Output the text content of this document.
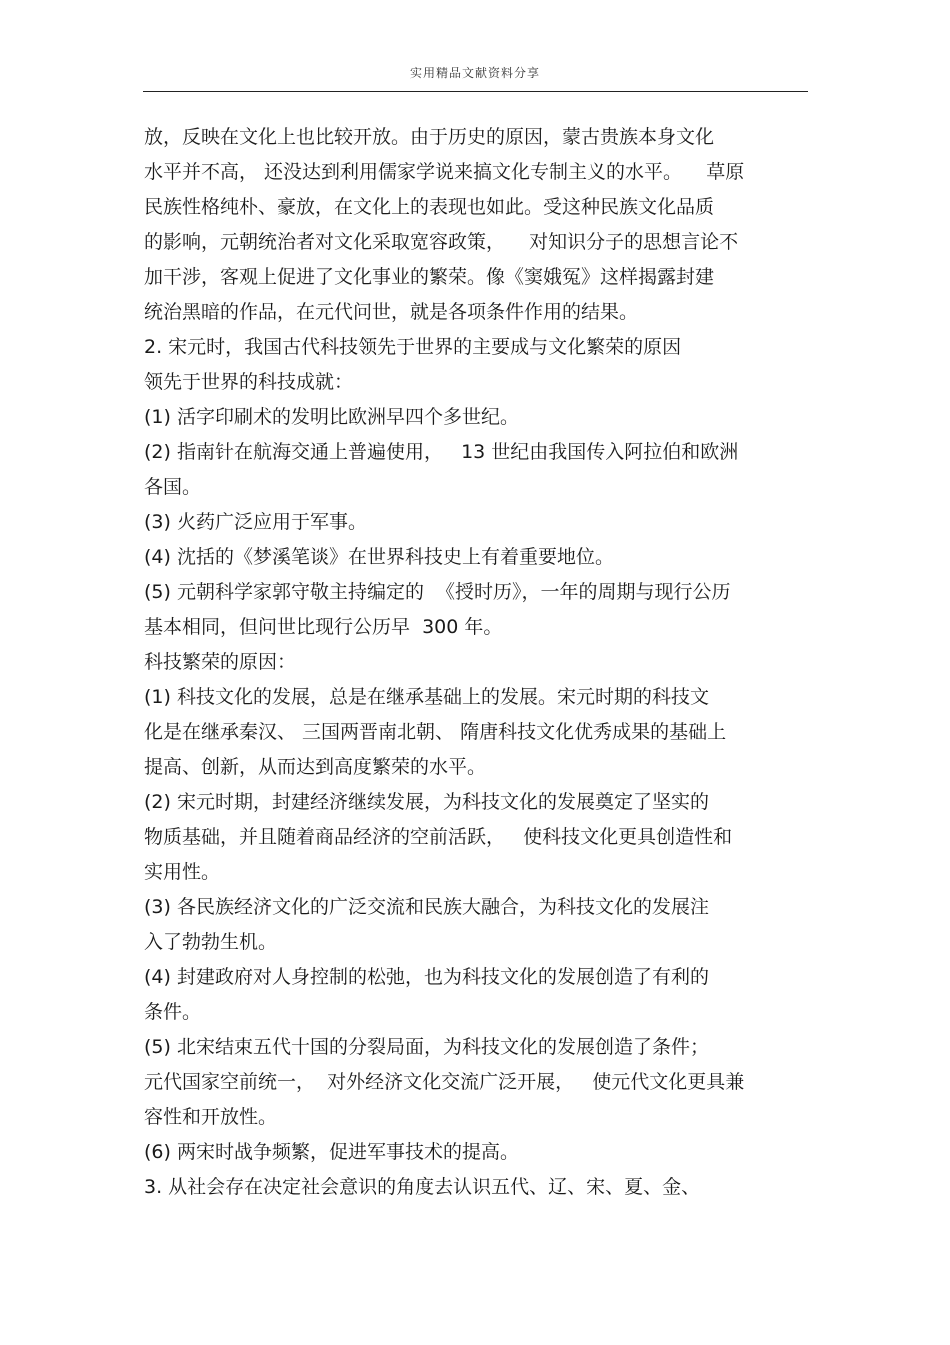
实用精品文献资料分享
放，反映在文化上也比较开放。由于历史的原因，蒙古贵族本身文化
水平并不高， 还没达到利用儒家学说来搞文化专制主义的水平。    草原
民族性格纯朴、豪放，在文化上的表现也如此。受这种民族文化品质
的影响，元朝统治者对文化采取宽容政策，    对知识分子的思想言论不
加干涉，客观上促进了文化事业的繁荣。像《窦娥冤》这样揭露封建
统治黑暗的作品，在元代问世，就是各项条件作用的结果。
2. 宋元时，我国古代科技领先于世界的主要成与文化繁荣的原因
领先于世界的科技成就：
(1) 活字印刷术的发明比欧洲早四个多世纪。
(2) 指南针在航海交通上普遍使用，   13 世纪由我国传入阿拉伯和欧洲
各国。
(3) 火药广泛应用于军事。
(4) 沈括的《梦溪笔谈》在世界科技史上有着重要地位。
(5) 元朝科学家郭守敬主持编定的  《授时历》，一年的周期与现行公历
基本相同，但问世比现行公历早  300 年。
科技繁荣的原因：
(1) 科技文化的发展，总是在继承基础上的发展。宋元时期的科技文
化是在继承秦汉、 三国两晋南北朝、 隋唐科技文化优秀成果的基础上
提高、创新，从而达到高度繁荣的水平。
(2) 宋元时期，封建经济继续发展，为科技文化的发展奠定了坚实的
物质基础，并且随着商品经济的空前活跃，   使科技文化更具创造性和
实用性。
(3) 各民族经济文化的广泛交流和民族大融合，为科技文化的发展注
入了勃勃生机。
(4) 封建政府对人身控制的松弛，也为科技文化的发展创造了有利的
条件。
(5) 北宋结束五代十国的分裂局面，为科技文化的发展创造了条件；
元代国家空前统一，  对外经济文化交流广泛开展，   使元代文化更具兼
容性和开放性。
(6) 两宋时战争频繁，促进军事技术的提高。
3. 从社会存在决定社会意识的角度去认识五代、辽、宋、夏、金、
